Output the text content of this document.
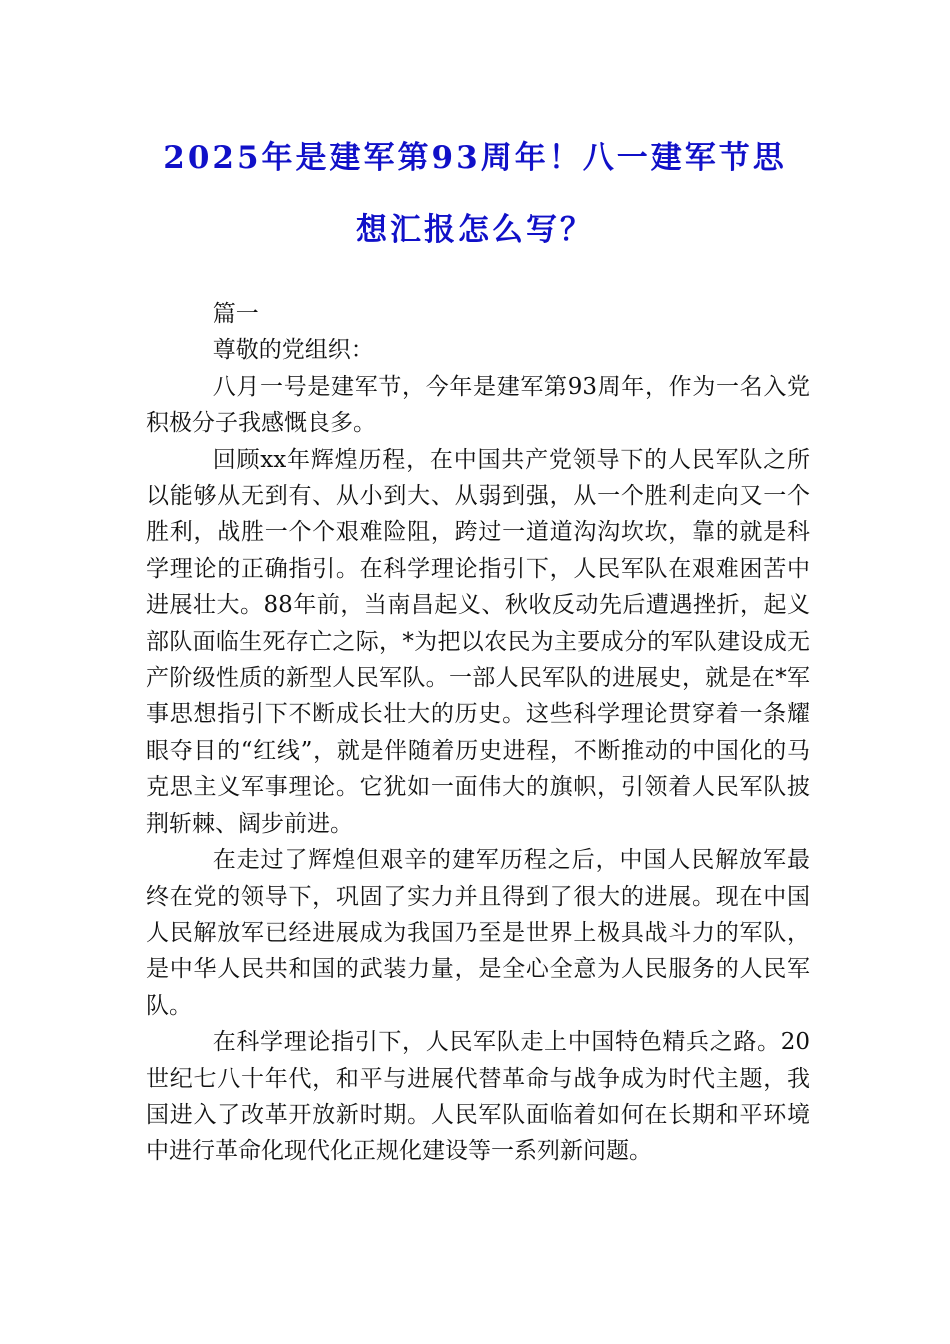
2025年是建军第93周年！八一建军节思
想汇报怎么写？

篇一

尊敬的党组织：

八月一号是建军节，今年是建军第93周年，作为一名入党积极分子我感慨良多。

回顾xx年辉煌历程，在中国共产党领导下的人民军队之所以能够从无到有、从小到大、从弱到强，从一个胜利走向又一个胜利，战胜一个个艰难险阻，跨过一道道沟沟坎坎，靠的就是科学理论的正确指引。在科学理论指引下，人民军队在艰难困苦中进展壮大。88年前，当南昌起义、秋收反动先后遭遇挫折，起义部队面临生死存亡之际，*为把以农民为主要成分的军队建设成无产阶级性质的新型人民军队。一部人民军队的进展史，就是在*军事思想指引下不断成长壮大的历史。这些科学理论贯穿着一条耀眼夺目的“红线”，就是伴随着历史进程，不断推动的中国化的马克思主义军事理论。它犹如一面伟大的旗帜，引领着人民军队披荆斩棘、阔步前进。

在走过了辉煌但艰辛的建军历程之后，中国人民解放军最终在党的领导下，巩固了实力并且得到了很大的进展。现在中国人民解放军已经进展成为我国乃至是世界上极具战斗力的军队，是中华人民共和国的武装力量，是全心全意为人民服务的人民军队。

在科学理论指引下，人民军队走上中国特色精兵之路。20世纪七八十年代，和平与进展代替革命与战争成为时代主题，我国进入了改革开放新时期。人民军队面临着如何在长期和平环境中进行革命化现代化正规化建设等一系列新问题。
